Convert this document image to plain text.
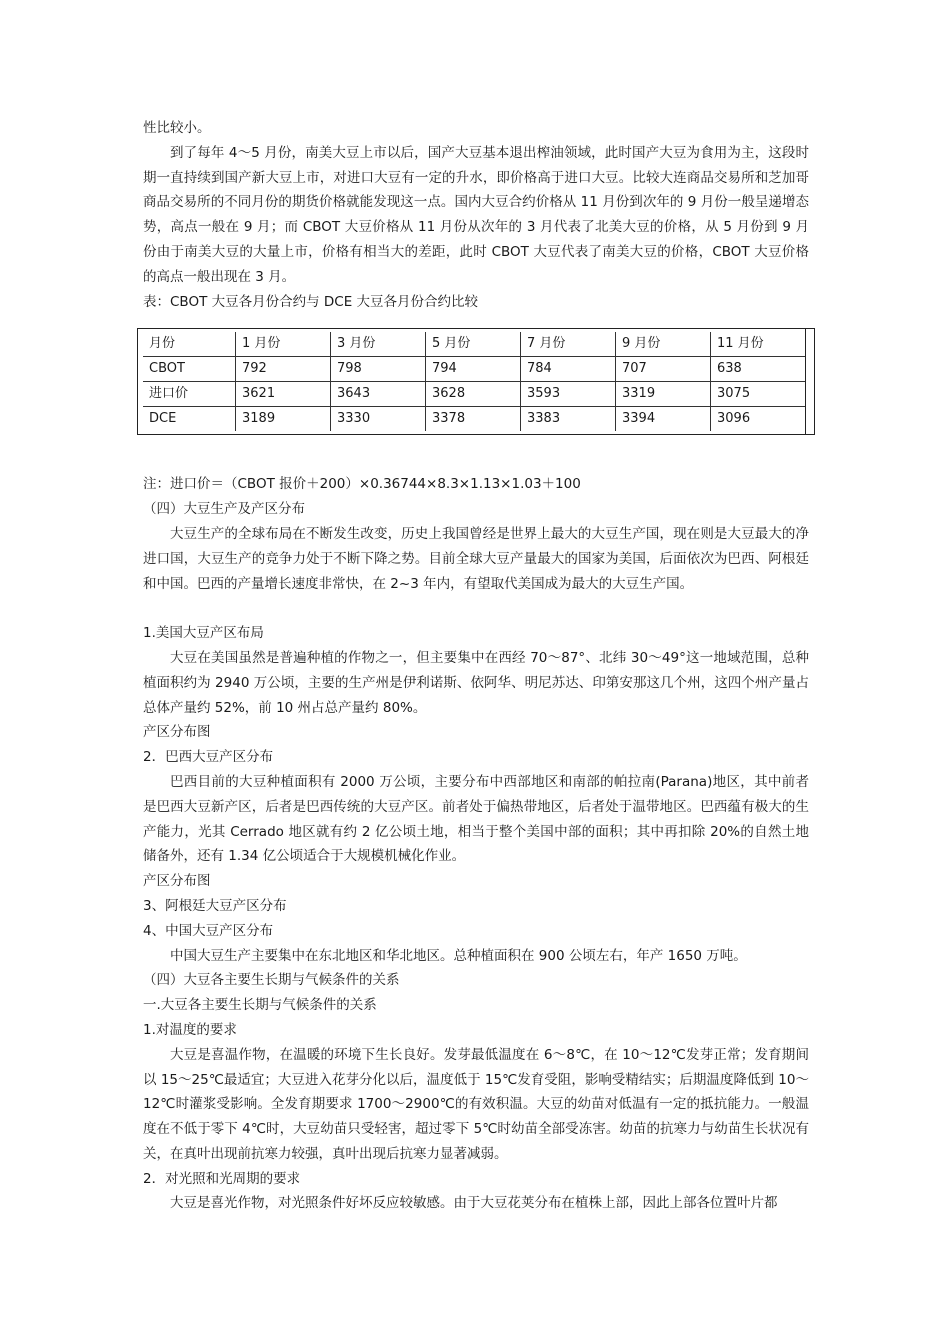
性比较小。

到了每年 4～5 月份，南美大豆上市以后，国产大豆基本退出榨油领域，此时国产大豆为食用为主，这段时期一直持续到国产新大豆上市，对进口大豆有一定的升水，即价格高于进口大豆。比较大连商品交易所和芝加哥商品交易所的不同月份的期货价格就能发现这一点。国内大豆合约价格从 11 月份到次年的 9 月份一般呈递增态势，高点一般在 9 月；而 CBOT 大豆价格从 11 月份从次年的 3 月代表了北美大豆的价格，从 5 月份到 9 月份由于南美大豆的大量上市，价格有相当大的差距，此时 CBOT 大豆代表了南美大豆的价格，CBOT 大豆价格的高点一般出现在 3 月。

表：CBOT 大豆各月份合约与 DCE 大豆各月份合约比较

月份	1 月份	3 月份	5 月份	7 月份	9 月份	11 月份
CBOT	792	798	794	784	707	638
进口价	3621	3643	3628	3593	3319	3075
DCE	3189	3330	3378	3383	3394	3096

注：进口价＝（CBOT 报价＋200）×0.36744×8.3×1.13×1.03＋100

（四）大豆生产及产区分布

大豆生产的全球布局在不断发生改变，历史上我国曾经是世界上最大的大豆生产国，现在则是大豆最大的净进口国，大豆生产的竞争力处于不断下降之势。目前全球大豆产量最大的国家为美国，后面依次为巴西、阿根廷和中国。巴西的产量增长速度非常快，在 2~3 年内，有望取代美国成为最大的大豆生产国。

1.美国大豆产区布局

大豆在美国虽然是普遍种植的作物之一，但主要集中在西经 70～87°、北纬 30～49°这一地域范围，总种植面积约为 2940 万公顷，主要的生产州是伊利诺斯、依阿华、明尼苏达、印第安那这几个州，这四个州产量占总体产量约 52%，前 10 州占总产量约 80%。

产区分布图

2．巴西大豆产区分布

巴西目前的大豆种植面积有 2000 万公顷，主要分布中西部地区和南部的帕拉南(Parana)地区，其中前者是巴西大豆新产区，后者是巴西传统的大豆产区。前者处于偏热带地区，后者处于温带地区。巴西蕴有极大的生产能力，光其 Cerrado 地区就有约 2 亿公顷土地，相当于整个美国中部的面积；其中再扣除 20%的自然土地储备外，还有 1.34 亿公顷适合于大规模机械化作业。

产区分布图

3、阿根廷大豆产区分布

4、中国大豆产区分布

中国大豆生产主要集中在东北地区和华北地区。总种植面积在 900 公顷左右，年产 1650 万吨。

（四）大豆各主要生长期与气候条件的关系

一.大豆各主要生长期与气候条件的关系

1.对温度的要求

大豆是喜温作物，在温暖的环境下生长良好。发芽最低温度在 6～8℃，在 10～12℃发芽正常；发育期间以 15～25℃最适宜；大豆进入花芽分化以后，温度低于 15℃发育受阻，影响受精结实；后期温度降低到 10～12℃时灌浆受影响。全发育期要求 1700～2900℃的有效积温。大豆的幼苗对低温有一定的抵抗能力。一般温度在不低于零下 4℃时，大豆幼苗只受轻害，超过零下 5℃时幼苗全部受冻害。幼苗的抗寒力与幼苗生长状况有关，在真叶出现前抗寒力较强，真叶出现后抗寒力显著减弱。

2．对光照和光周期的要求

大豆是喜光作物，对光照条件好坏反应较敏感。由于大豆花荚分布在植株上部，因此上部各位置叶片都
